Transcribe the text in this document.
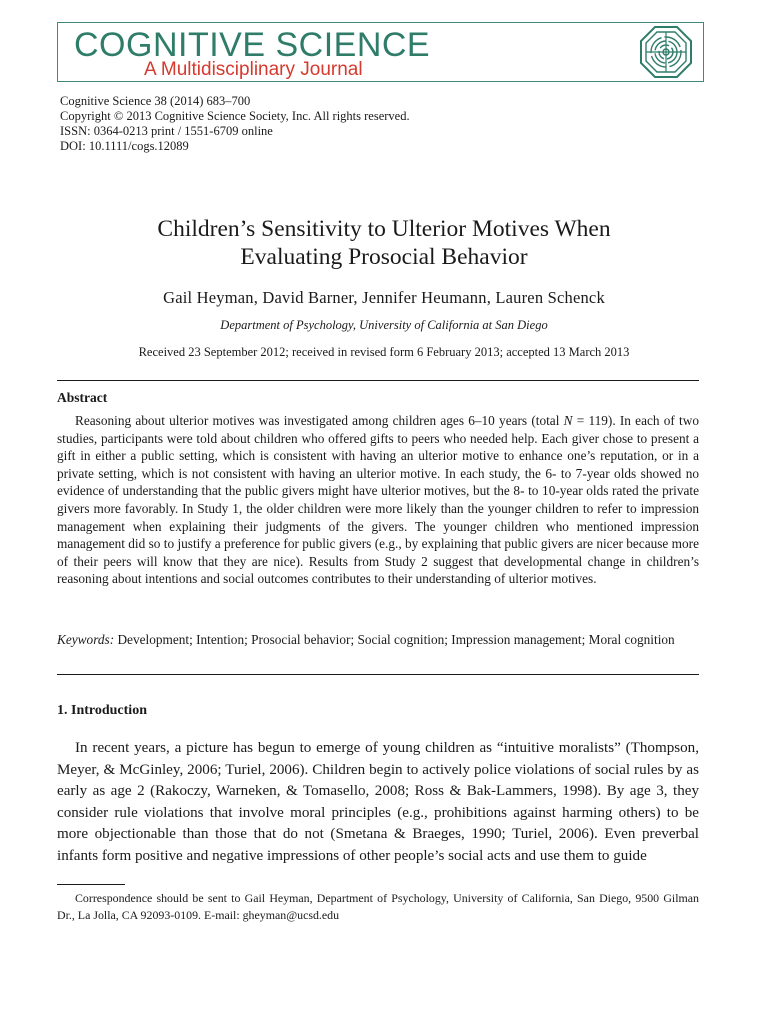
COGNITIVE SCIENCE
A Multidisciplinary Journal
Cognitive Science 38 (2014) 683–700
Copyright © 2013 Cognitive Science Society, Inc. All rights reserved.
ISSN: 0364-0213 print / 1551-6709 online
DOI: 10.1111/cogs.12089
Children’s Sensitivity to Ulterior Motives When
Evaluating Prosocial Behavior
Gail Heyman, David Barner, Jennifer Heumann, Lauren Schenck
Department of Psychology, University of California at San Diego
Received 23 September 2012; received in revised form 6 February 2013; accepted 13 March 2013
Abstract
Reasoning about ulterior motives was investigated among children ages 6–10 years (total N = 119). In each of two studies, participants were told about children who offered gifts to peers who needed help. Each giver chose to present a gift in either a public setting, which is consistent with having an ulterior motive to enhance one’s reputation, or in a private setting, which is not consistent with having an ulterior motive. In each study, the 6- to 7-year olds showed no evidence of understanding that the public givers might have ulterior motives, but the 8- to 10-year olds rated the private givers more favorably. In Study 1, the older children were more likely than the younger children to refer to impression management when explaining their judgments of the givers. The younger children who mentioned impression management did so to justify a preference for public givers (e.g., by explaining that public givers are nicer because more of their peers will know that they are nice). Results from Study 2 suggest that developmental change in children’s reasoning about intentions and social outcomes contributes to their understanding of ulterior motives.
Keywords: Development; Intention; Prosocial behavior; Social cognition; Impression management; Moral cognition
1. Introduction
In recent years, a picture has begun to emerge of young children as “intuitive moralists” (Thompson, Meyer, & McGinley, 2006; Turiel, 2006). Children begin to actively police violations of social rules by as early as age 2 (Rakoczy, Warneken, & Tomasello, 2008; Ross & Bak-Lammers, 1998). By age 3, they consider rule violations that involve moral principles (e.g., prohibitions against harming others) to be more objectionable than those that do not (Smetana & Braeges, 1990; Turiel, 2006). Even preverbal infants form positive and negative impressions of other people’s social acts and use them to guide
Correspondence should be sent to Gail Heyman, Department of Psychology, University of California, San Diego, 9500 Gilman Dr., La Jolla, CA 92093-0109. E-mail: gheyman@ucsd.edu
